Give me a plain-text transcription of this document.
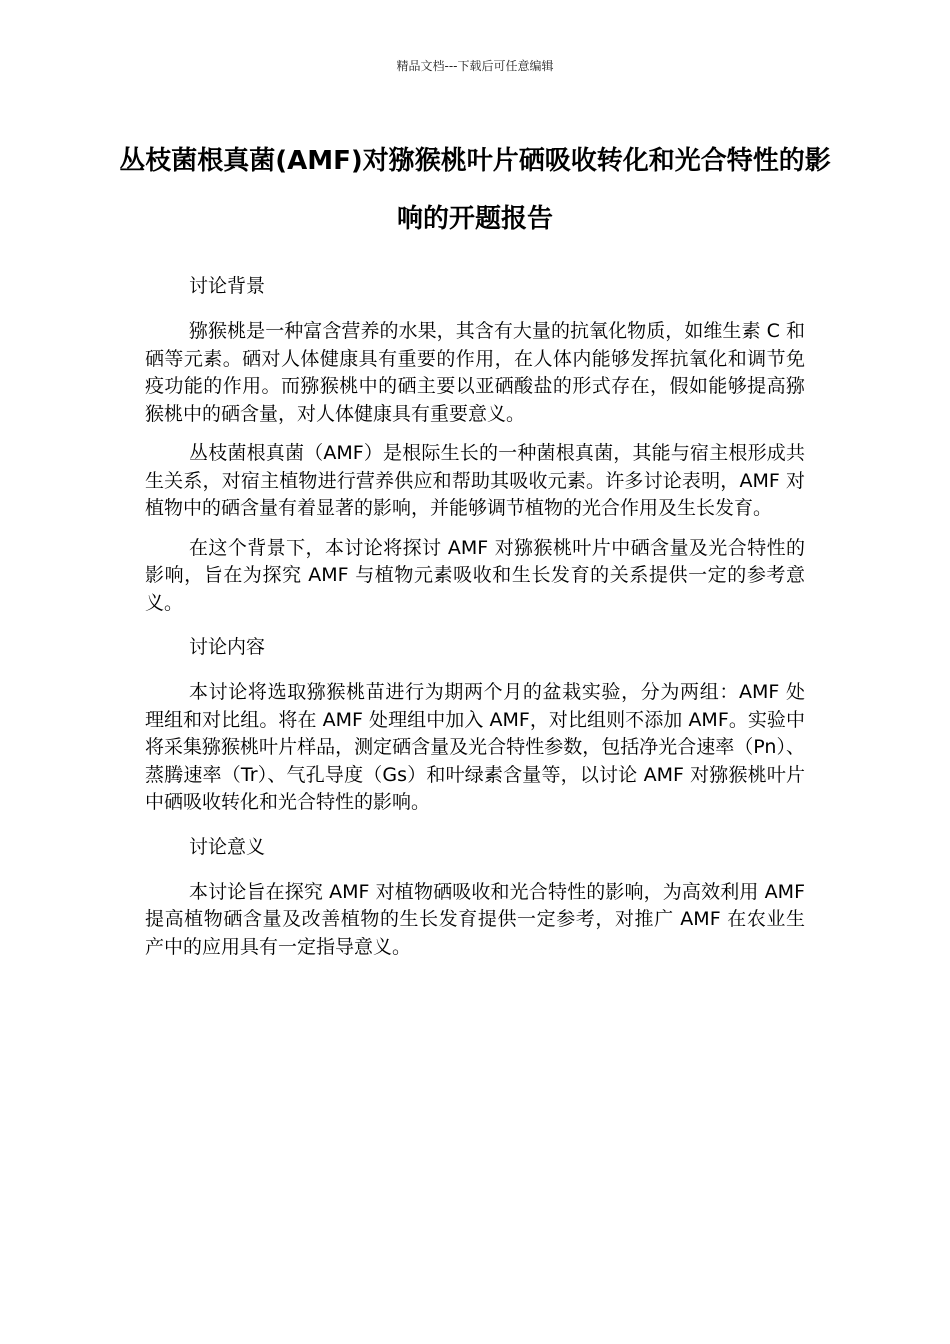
精品文档---下载后可任意编辑
丛枝菌根真菌(AMF)对猕猴桃叶片硒吸收转化和光合特性的影响的开题报告
讨论背景

猕猴桃是一种富含营养的水果，其含有大量的抗氧化物质，如维生素 C 和硒等元素。硒对人体健康具有重要的作用，在人体内能够发挥抗氧化和调节免疫功能的作用。而猕猴桃中的硒主要以亚硒酸盐的形式存在，假如能够提高猕猴桃中的硒含量，对人体健康具有重要意义。

丛枝菌根真菌（AMF）是根际生长的一种菌根真菌，其能与宿主根形成共生关系，对宿主植物进行营养供应和帮助其吸收元素。许多讨论表明，AMF 对植物中的硒含量有着显著的影响，并能够调节植物的光合作用及生长发育。

在这个背景下，本讨论将探讨 AMF 对猕猴桃叶片中硒含量及光合特性的影响，旨在为探究 AMF 与植物元素吸收和生长发育的关系提供一定的参考意义。

讨论内容

本讨论将选取猕猴桃苗进行为期两个月的盆栽实验，分为两组：AMF 处理组和对比组。将在 AMF 处理组中加入 AMF，对比组则不添加 AMF。实验中将采集猕猴桃叶片样品，测定硒含量及光合特性参数，包括净光合速率（Pn）、蒸腾速率（Tr）、气孔导度（Gs）和叶绿素含量等，以讨论 AMF 对猕猴桃叶片中硒吸收转化和光合特性的影响。

讨论意义

本讨论旨在探究 AMF 对植物硒吸收和光合特性的影响，为高效利用 AMF 提高植物硒含量及改善植物的生长发育提供一定参考，对推广 AMF 在农业生产中的应用具有一定指导意义。
